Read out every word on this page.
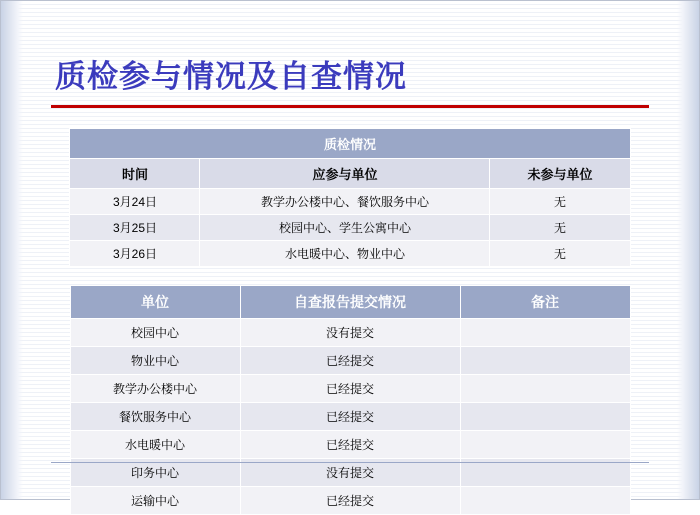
质检参与情况及自查情况
质检情况		
时间	应参与单位	未参与单位
3月24日	教学办公楼中心、餐饮服务中心	无
3月25日	校园中心、学生公寓中心	无
3月26日	水电暖中心、物业中心	无
单位	自查报告提交情况	备注
校园中心	没有提交	
物业中心	已经提交	
教学办公楼中心	已经提交	
餐饮服务中心	已经提交	
水电暖中心	已经提交	
印务中心	没有提交	
运输中心	已经提交	
